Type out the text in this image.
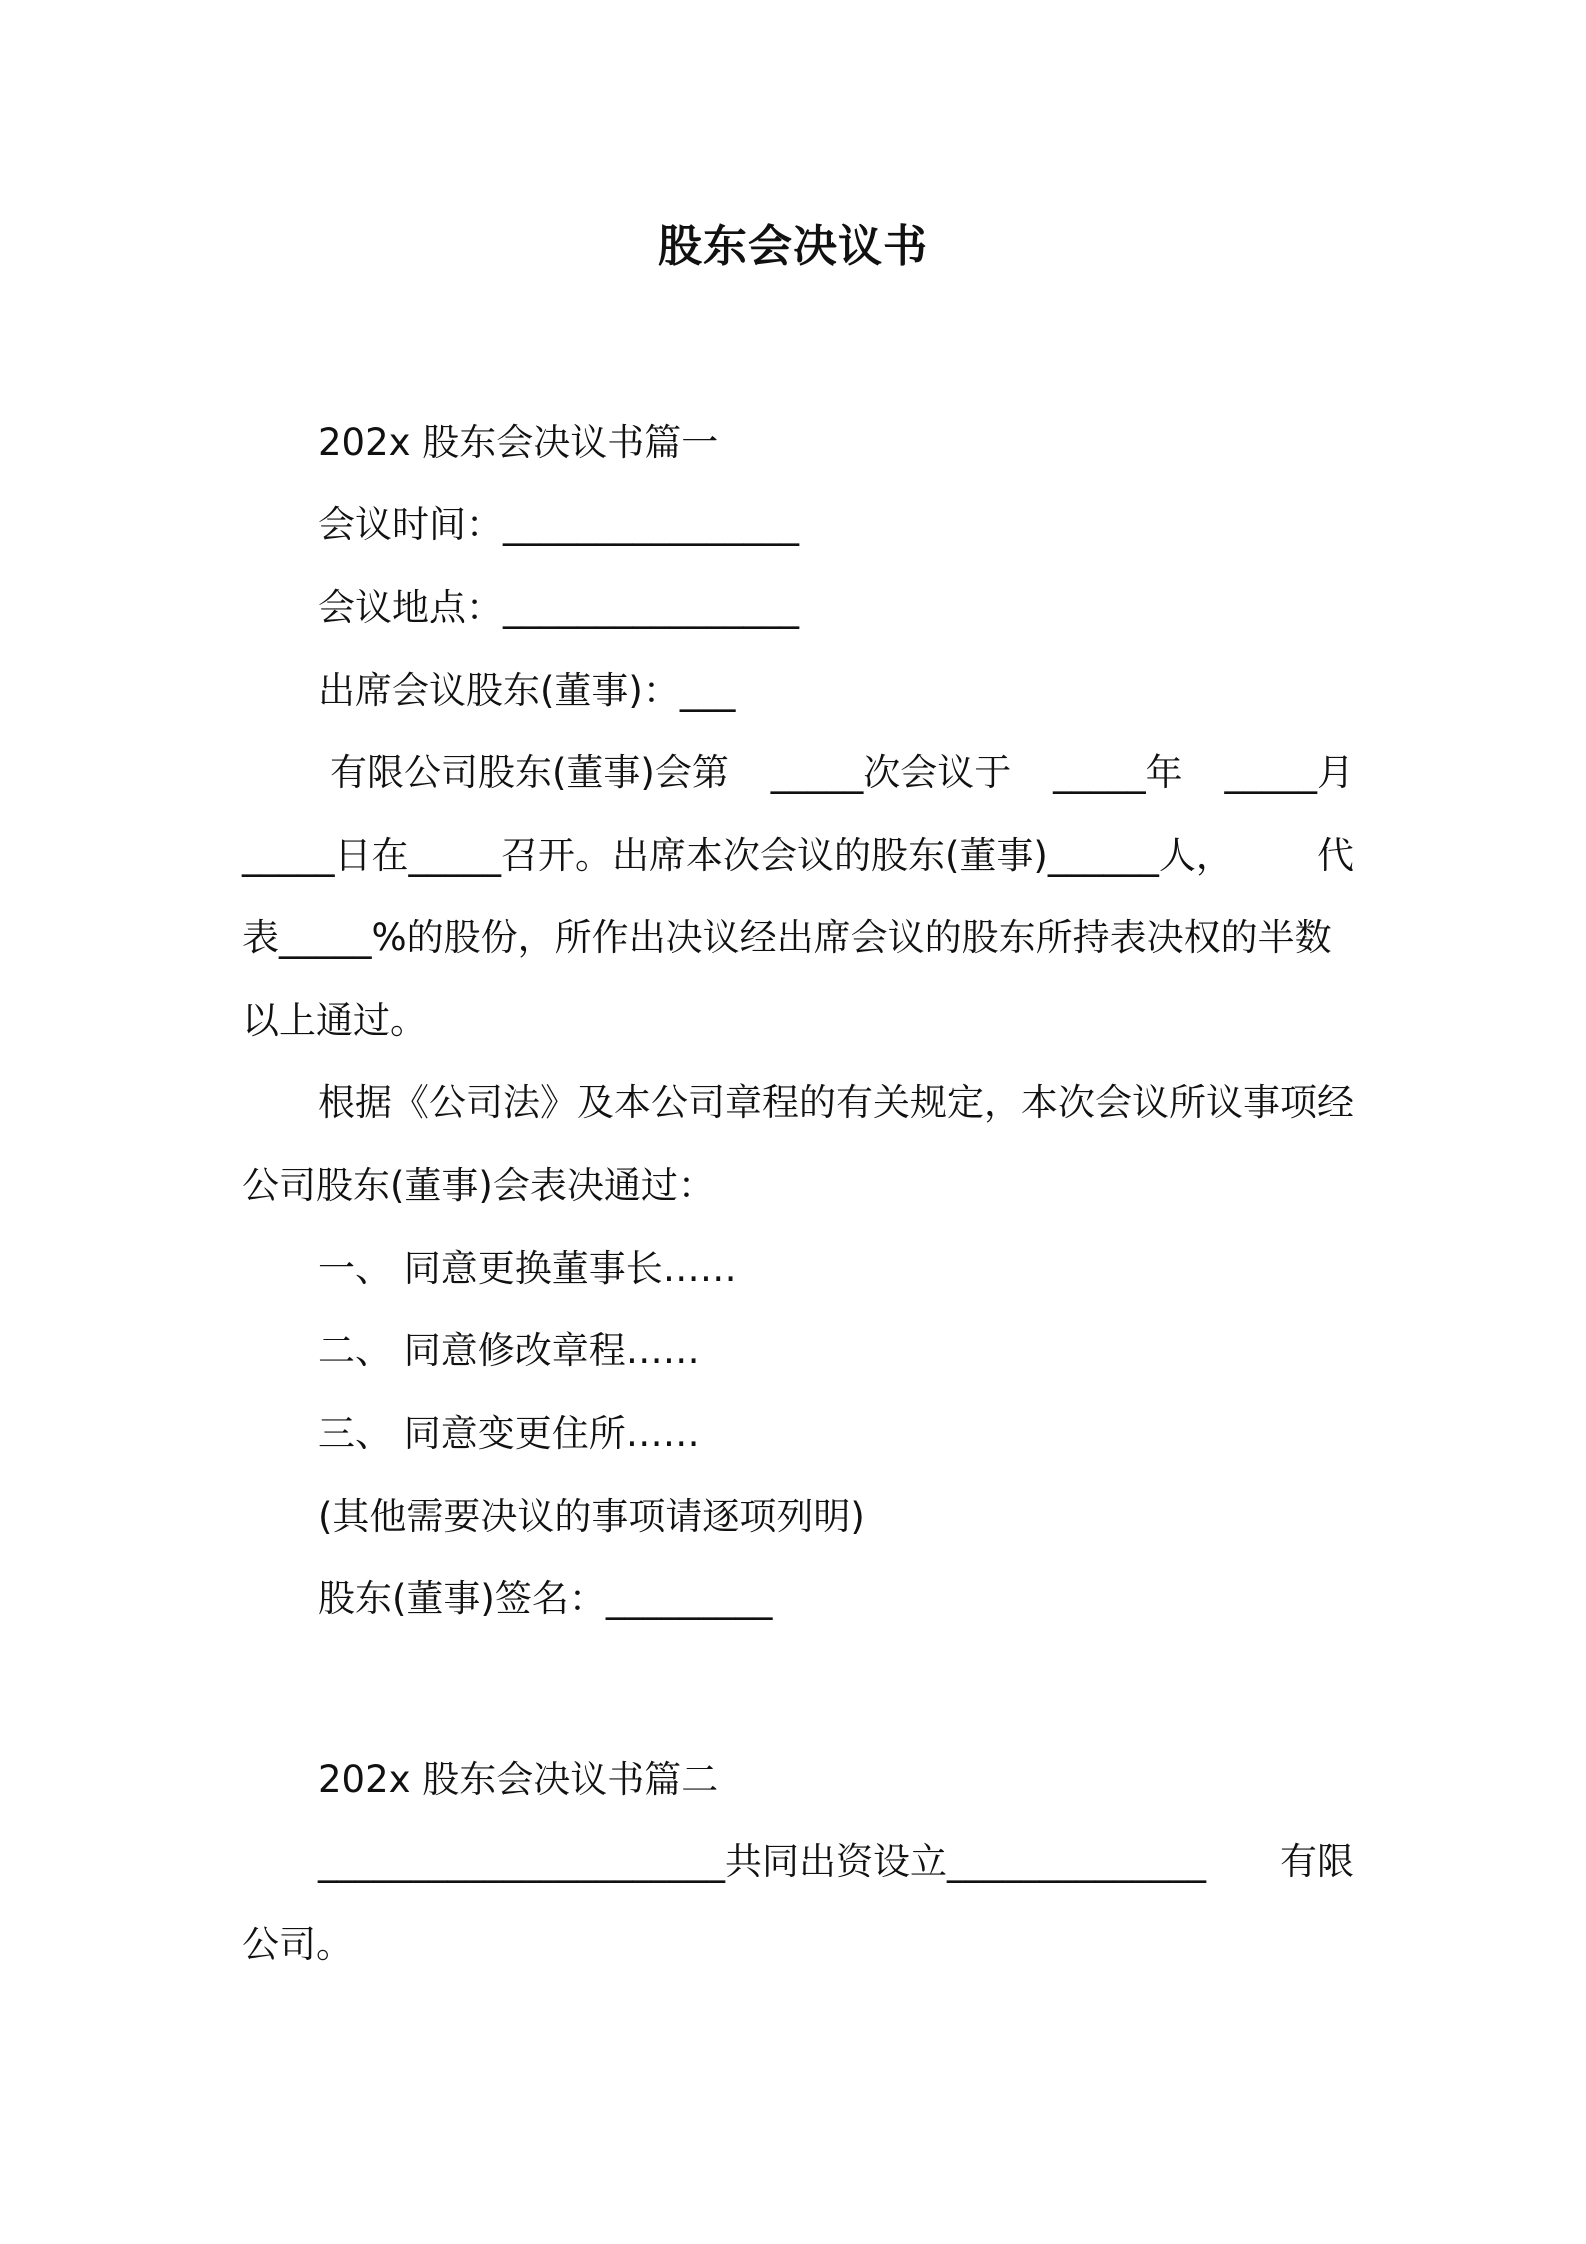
股东会决议书
202x 股东会决议书篇一
会议时间：________________
会议地点：________________
出席会议股东(董事)：___
有限公司股东(董事)会第 _____次会议于 _____年 _____月
_____日在_____召开。出席本次会议的股东(董事)______人， 代
表_____%的股份，所作出决议经出席会议的股东所持表决权的半数
以上通过。
根据《公司法》及本公司章程的有关规定，本次会议所议事项经
公司股东(董事)会表决通过：
一、 同意更换董事长……
二、 同意修改章程……
三、 同意变更住所……
(其他需要决议的事项请逐项列明)
股东(董事)签名：_________
202x 股东会决议书篇二
______________________共同出资设立______________ 有限
公司。
